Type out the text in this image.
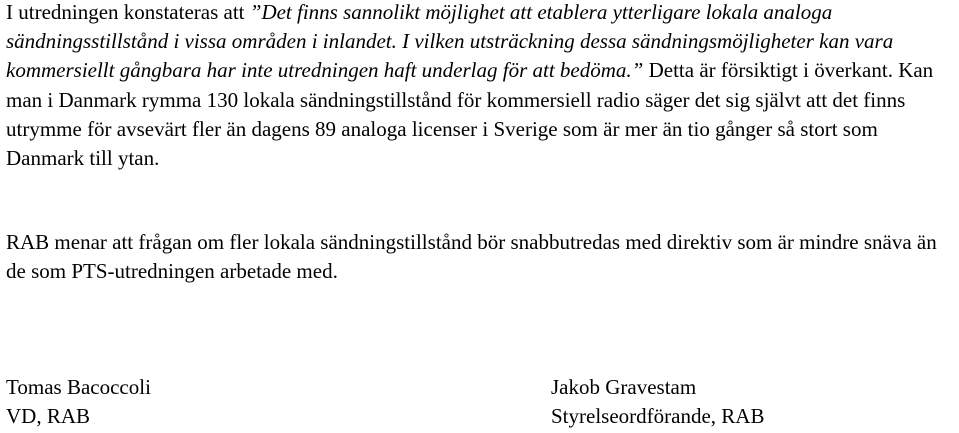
I utredningen konstateras att ”Det finns sannolikt möjlighet att etablera ytterligare lokala analoga sändningsstillstånd i vissa områden i inlandet. I vilken utsträckning dessa sändningsmöjligheter kan vara kommersiellt gångbara har inte utredningen haft underlag för att bedöma.” Detta är försiktigt i överkant. Kan man i Danmark rymma 130 lokala sändningstillstånd för kommersiell radio säger det sig självt att det finns utrymme för avsevärt fler än dagens 89 analoga licenser i Sverige som är mer än tio gånger så stort som Danmark till ytan.

RAB menar att frågan om fler lokala sändningstillstånd bör snabbutredas med direktiv som är mindre snäva än de som PTS-utredningen arbetade med.

Tomas Bacoccoli
VD, RAB
Jakob Gravestam
Styrelseordförande, RAB
